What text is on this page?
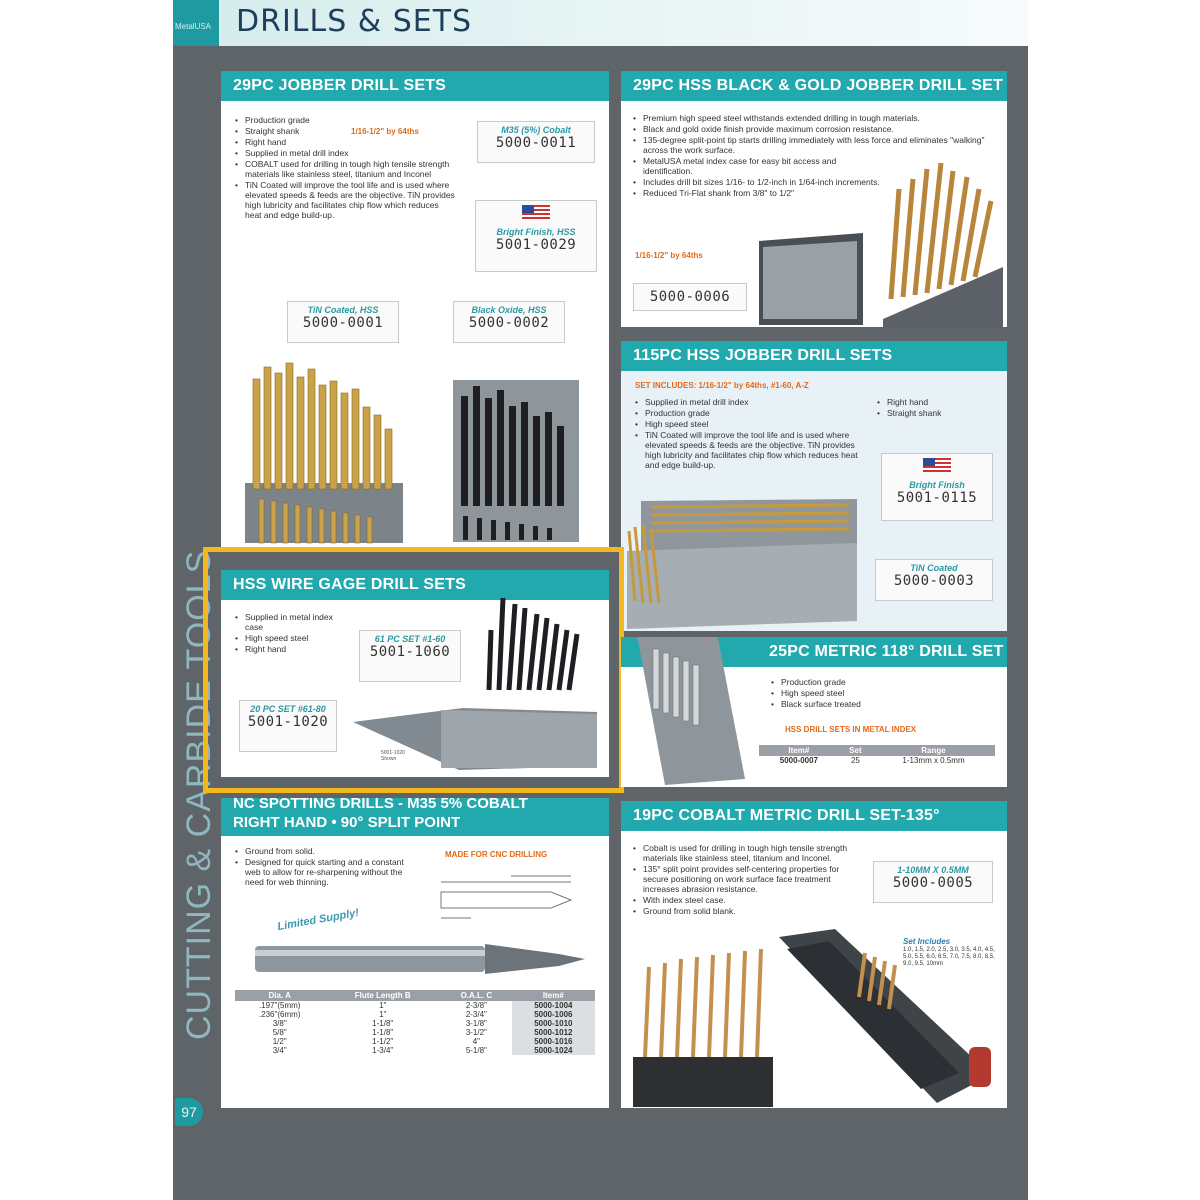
MetalUSA DRILLS & SETS
CUTTING & CARBIDE TOOLS
97
29PC JOBBER DRILL SETS
• Production grade
• Straight shank
• Right hand
• Supplied in metal drill index
• COBALT used for drilling in tough high tensile strength materials like stainless steel, titanium and Inconel
• TiN Coated will improve the tool life and is used where elevated speeds & feeds are the objective. TiN provides high lubricity and facilitates chip flow which reduces heat and edge build-up.
1/16-1/2" by 64ths	M35 (5%) Cobalt
5000-0011
Bright Finish, HSS
5001-0029
TiN Coated, HSS
5000-0001
Black Oxide, HSS
5000-0002
29PC HSS BLACK & GOLD JOBBER DRILL SET
• Premium high speed steel withstands extended drilling in tough materials.
• Black and gold oxide finish provide maximum corrosion resistance.
• 135-degree split-point tip starts drilling immediately with less force and eliminates "walking" across the work surface.
• MetalUSA metal index case for easy bit access and identification.
• Includes drill bit sizes 1/16- to 1/2-inch in 1/64-inch increments.
• Reduced Tri-Flat shank from 3/8" to 1/2"
1/16-1/2" by 64ths
5000-0006
115PC HSS JOBBER DRILL SETS
SET INCLUDES: 1/16-1/2" by 64ths, #1-60, A-Z
• Supplied in metal drill index
• Production grade
• High speed steel
• TiN Coated will improve the tool life and is used where elevated speeds & feeds are the objective. TiN provides high lubricity and facilitates chip flow which reduces heat and edge build-up.
• Right hand
• Straight shank
Bright Finish
5001-0115
TiN Coated
5000-0003
HSS WIRE GAGE DRILL SETS
• Supplied in metal index case
• High speed steel
• Right hand
61 PC SET #1-60
5001-1060
20 PC SET #61-80
5001-1020
5001-1020 Shown
25PC METRIC 118° DRILL SET
• Production grade
• High speed steel
• Black surface treated
HSS DRILL SETS IN METAL INDEX
Item#	Set	Range
5000-0007	25	1-13mm x 0.5mm
NC SPOTTING DRILLS - M35 5% COBALT
RIGHT HAND • 90° SPLIT POINT
• Ground from solid.
• Designed for quick starting and a constant web to allow for re-sharpening without the need for web thinning.
MADE FOR CNC DRILLING
Limited Supply!
Dia. A	Flute Length B	O.A.L. C	Item#
.197"(5mm)	1"	2-3/8"	5000-1004
.236"(6mm)	1"	2-3/4"	5000-1006
3/8"	1-1/8"	3-1/8"	5000-1010
5/8"	1-1/8"	3-1/2"	5000-1012
1/2"	1-1/2"	4"	5000-1016
3/4"	1-3/4"	5-1/8"	5000-1024
19PC COBALT METRIC DRILL SET-135°
• Cobalt is used for drilling in tough high tensile strength materials like stainless steel, titanium and Inconel.
• 135° split point provides self-centering properties for secure positioning on work surface face treatment increases abrasion resistance.
• With index steel case.
• Ground from solid blank.
1-10MM X 0.5MM
5000-0005
Set Includes
1.0, 1.5, 2.0, 2.5, 3.0, 3.5, 4.0, 4.5, 5.0, 5.5, 6.0, 6.5, 7.0, 7.5, 8.0, 8.5, 9.0, 9.5, 10mm
